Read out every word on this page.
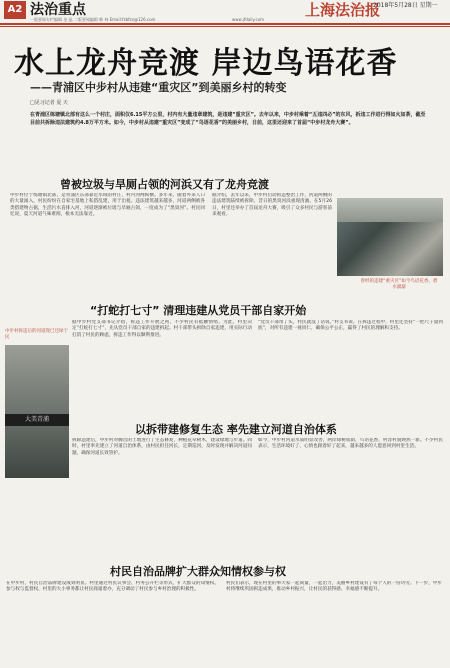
A2 法治重点	上海法治报
2018年5月28日 星期一
一版要闻专栏编辑 金 晶 二版要闻编辑 韩 林 Email:fzbfzx@126.com	www.jfdaily.com
水上龙舟竞渡 岸边鸟语花香
——青浦区中步村从违建“重灾区”到美丽乡村的转变
□见习记者 夏 天
在青浦区练塘镇北部有这么一个村庄，面积仅6.15平方公里，村内有大量违章建筑，是违建“重灾区”。去年以来，中步村乘着“五违四必”的东风，拆违工作进行得如火如荼，截至目前共拆除违法建筑约4.8万平方米。如今，中步村从违建“重灾区”变成了“鸟语花香”的美丽乡村，日前，这里还迎来了首届“中步村龙舟大赛”。
曾被垃圾与旱厕占领的河浜又有了龙舟竞渡
中步村位于练塘镇北部，是青浦区东部靠近水域的村庄，村内河网纵横。多年来，随着外来人口的大量涌入，村民纷纷在自家宅基地上私搭乱建，用于出租。违法建筑越来越多，河道两侧被各类搭建物占据，生活污水直排入河，河道逐渐被垃圾与旱厕占领，一度成为了“黑臭河”。村民回忆说，夏天河道气味难闻，根本无法靠近。
据介绍，去年以来，中步村启动拆违整治工作，河道两侧的违法建筑陆续被拆除，昔日的黑臭河浜重现清澈。在5月26日，村里还举办了首届龙舟大赛，吸引了众多村民与游客前来观看。
曾经的违建“重灾区”如今鸟语花香、碧水潺潺
“打蛇打七寸” 清理违建从党员干部自家开始
据中步村党支部书记介绍，拆违工作开展之初，不少村民有抵触情绪。为此，村里决定“打蛇打七寸”，先从党员干部自家的违建拆起。村干部带头拆除自家违建，用实际行动打消了村民的顾虑，拆违工作得以顺利推进。
“党员干部带了头，村民就没了话说。”村支书说。在拆违过程中，村里还坚持“一把尺子量到底”，对所有违建一视同仁，确保公平公正，赢得了村民的理解和支持。
中步村拆违后的河道现已还绿于民
大美青浦
以拆带建修复生态 率先建立河道自治体系
拆除违建后，中步村对腾出的土地进行了生态修复，种植花草树木，建设绿地与步道。同时，村里率先建立了河道自治体系，由村民担任河长，定期巡河，及时发现并解决河道问题，确保河道长效管护。
如今，中步村河道水质明显改善，两岸绿树成荫，鸟语花香，村容村貌焕然一新。不少村民表示，生活环境好了，心情也跟着好了起来，越来越多的人愿意回到村里生活。
村民自治品牌扩大群众知情权参与权
在中步村，村民自治品牌建设成效明显。村里通过村民议事会、村务公开栏等形式，扩大群众的知情权、参与权与监督权，村里的大小事务都让村民商量着办，充分调动了村民参与乡村治理的积极性。
村民们表示，现在村里的事大家一起商量，一起出力，美丽乡村建设有了每个人的一份功劳。下一步，中步村将继续巩固拆违成果，推动乡村振兴，让村民的获得感、幸福感不断提升。
